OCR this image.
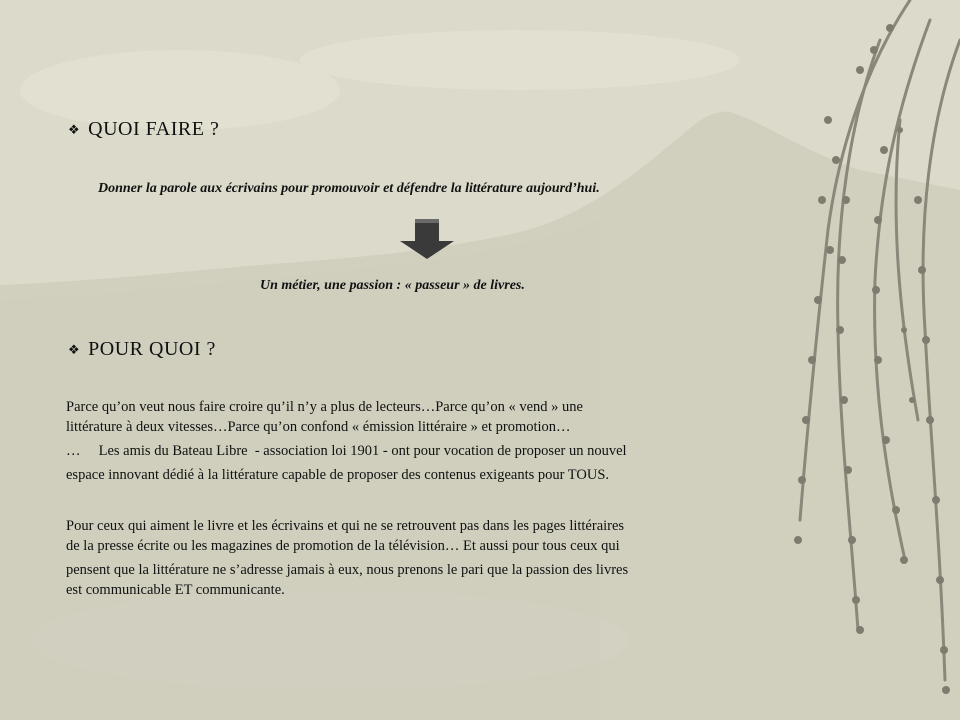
❖ QUOI FAIRE ?
Donner la parole aux écrivains pour promouvoir et défendre la littérature aujourd’hui.
Un métier, une passion : « passeur » de livres.
❖ POUR QUOI ?
Parce qu’on veut nous faire croire qu’il n’y a plus de lecteurs…Parce qu’on « vend » une
littérature à deux vitesses…Parce qu’on confond « émission littéraire » et promotion…
…     Les amis du Bateau Libre  - association loi 1901 - ont pour vocation de proposer un nouvel
espace innovant dédié à la littérature capable de proposer des contenus exigeants pour TOUS.
Pour ceux qui aiment le livre et les écrivains et qui ne se retrouvent pas dans les pages littéraires
de la presse écrite ou les magazines de promotion de la télévision… Et aussi pour tous ceux qui
pensent que la littérature ne s’adresse jamais à eux, nous prenons le pari que la passion des livres
est communicable ET communicante.
